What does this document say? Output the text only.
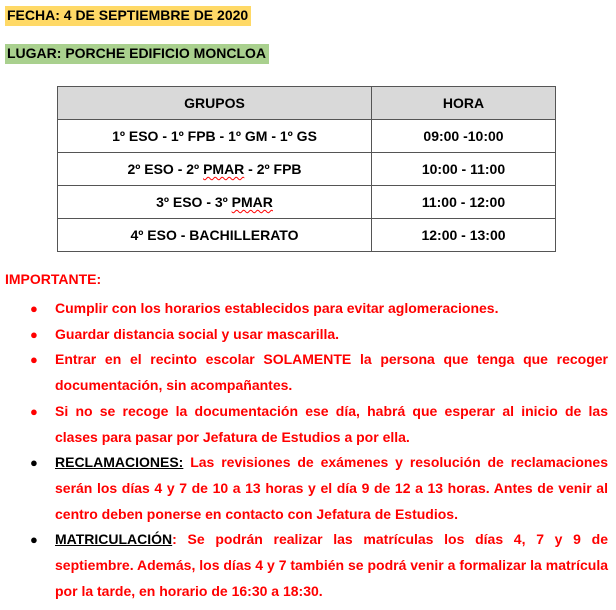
FECHA: 4 DE SEPTIEMBRE DE 2020
LUGAR: PORCHE EDIFICIO MONCLOA
GRUPOS	HORA
1º ESO - 1º FPB - 1º GM - 1º GS	09:00 -10:00
2º ESO - 2º PMAR - 2º FPB	10:00 - 11:00
3º ESO - 3º PMAR	11:00 - 12:00
4º ESO - BACHILLERATO	12:00 - 13:00
IMPORTANTE:
● Cumplir con los horarios establecidos para evitar aglomeraciones.
● Guardar distancia social y usar mascarilla.
● Entrar en el recinto escolar SOLAMENTE la persona que tenga que recoger documentación, sin acompañantes.
● Si no se recoge la documentación ese día, habrá que esperar al inicio de las clases para pasar por Jefatura de Estudios a por ella.
● RECLAMACIONES: Las revisiones de exámenes y resolución de reclamaciones serán los días 4 y 7 de 10 a 13 horas y el día 9 de 12 a 13 horas. Antes de venir al centro deben ponerse en contacto con Jefatura de Estudios.
● MATRICULACIÓN: Se podrán realizar las matrículas los días 4, 7 y 9 de septiembre. Además, los días 4 y 7 también se podrá venir a formalizar la matrícula por la tarde, en horario de 16:30 a 18:30.
